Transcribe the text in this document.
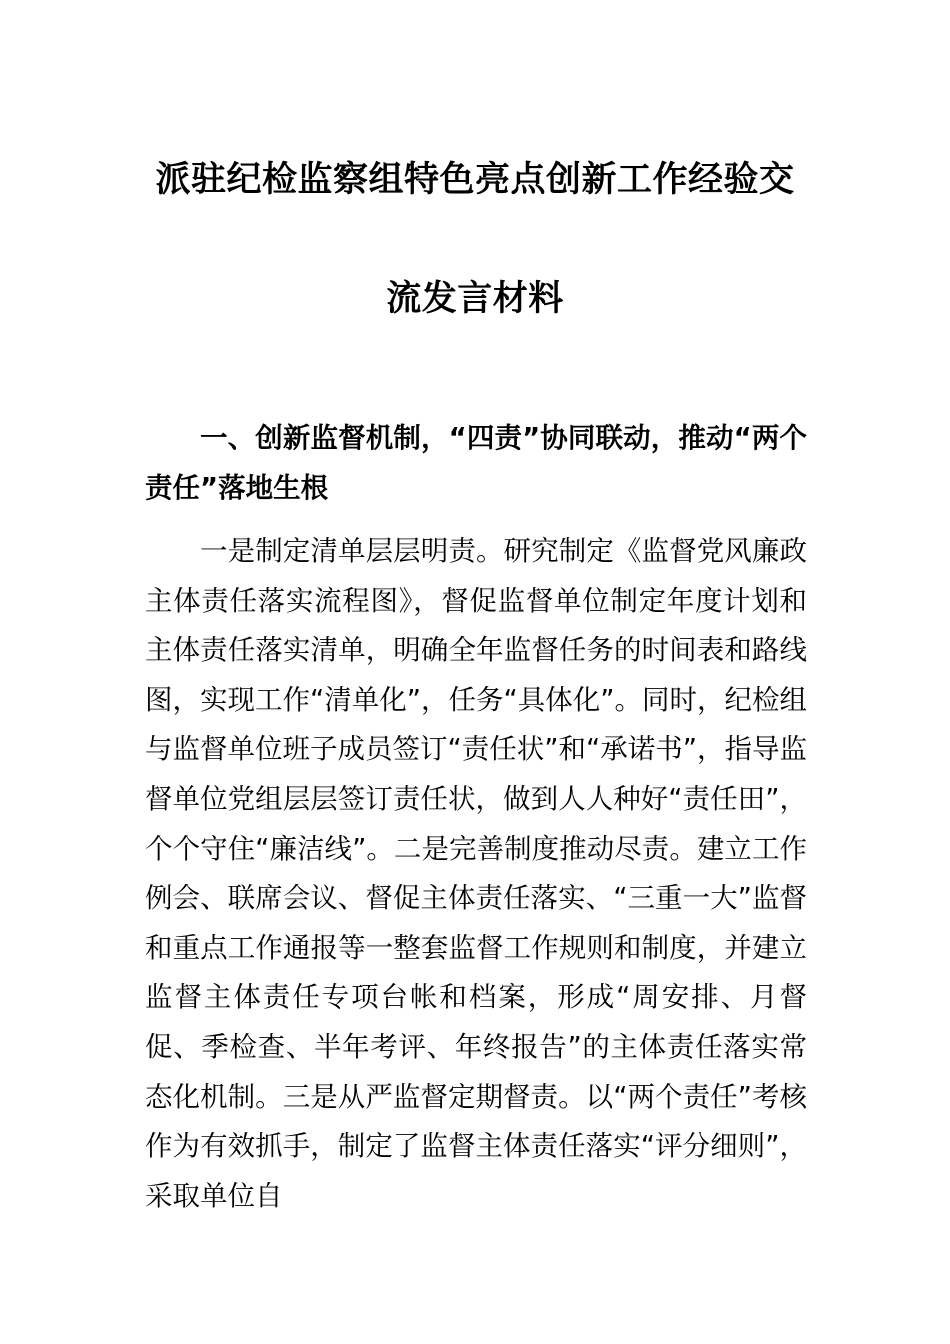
派驻纪检监察组特色亮点创新工作经验交
流发言材料

一、创新监督机制，“四责”协同联动，推动“两个责任”落地生根

一是制定清单层层明责。研究制定《监督党风廉政主体责任落实流程图》，督促监督单位制定年度计划和主体责任落实清单，明确全年监督任务的时间表和路线图，实现工作“清单化”，任务“具体化”。同时，纪检组与监督单位班子成员签订“责任状”和“承诺书”，指导监督单位党组层层签订责任状，做到人人种好“责任田”，个个守住“廉洁线”。二是完善制度推动尽责。建立工作例会、联席会议、督促主体责任落实、“三重一大”监督和重点工作通报等一整套监督工作规则和制度，并建立监督主体责任专项台帐和档案，形成“周安排、月督促、季检查、半年考评、年终报告”的主体责任落实常态化机制。三是从严监督定期督责。以“两个责任”考核作为有效抓手，制定了监督主体责任落实“评分细则”，采取单位自
